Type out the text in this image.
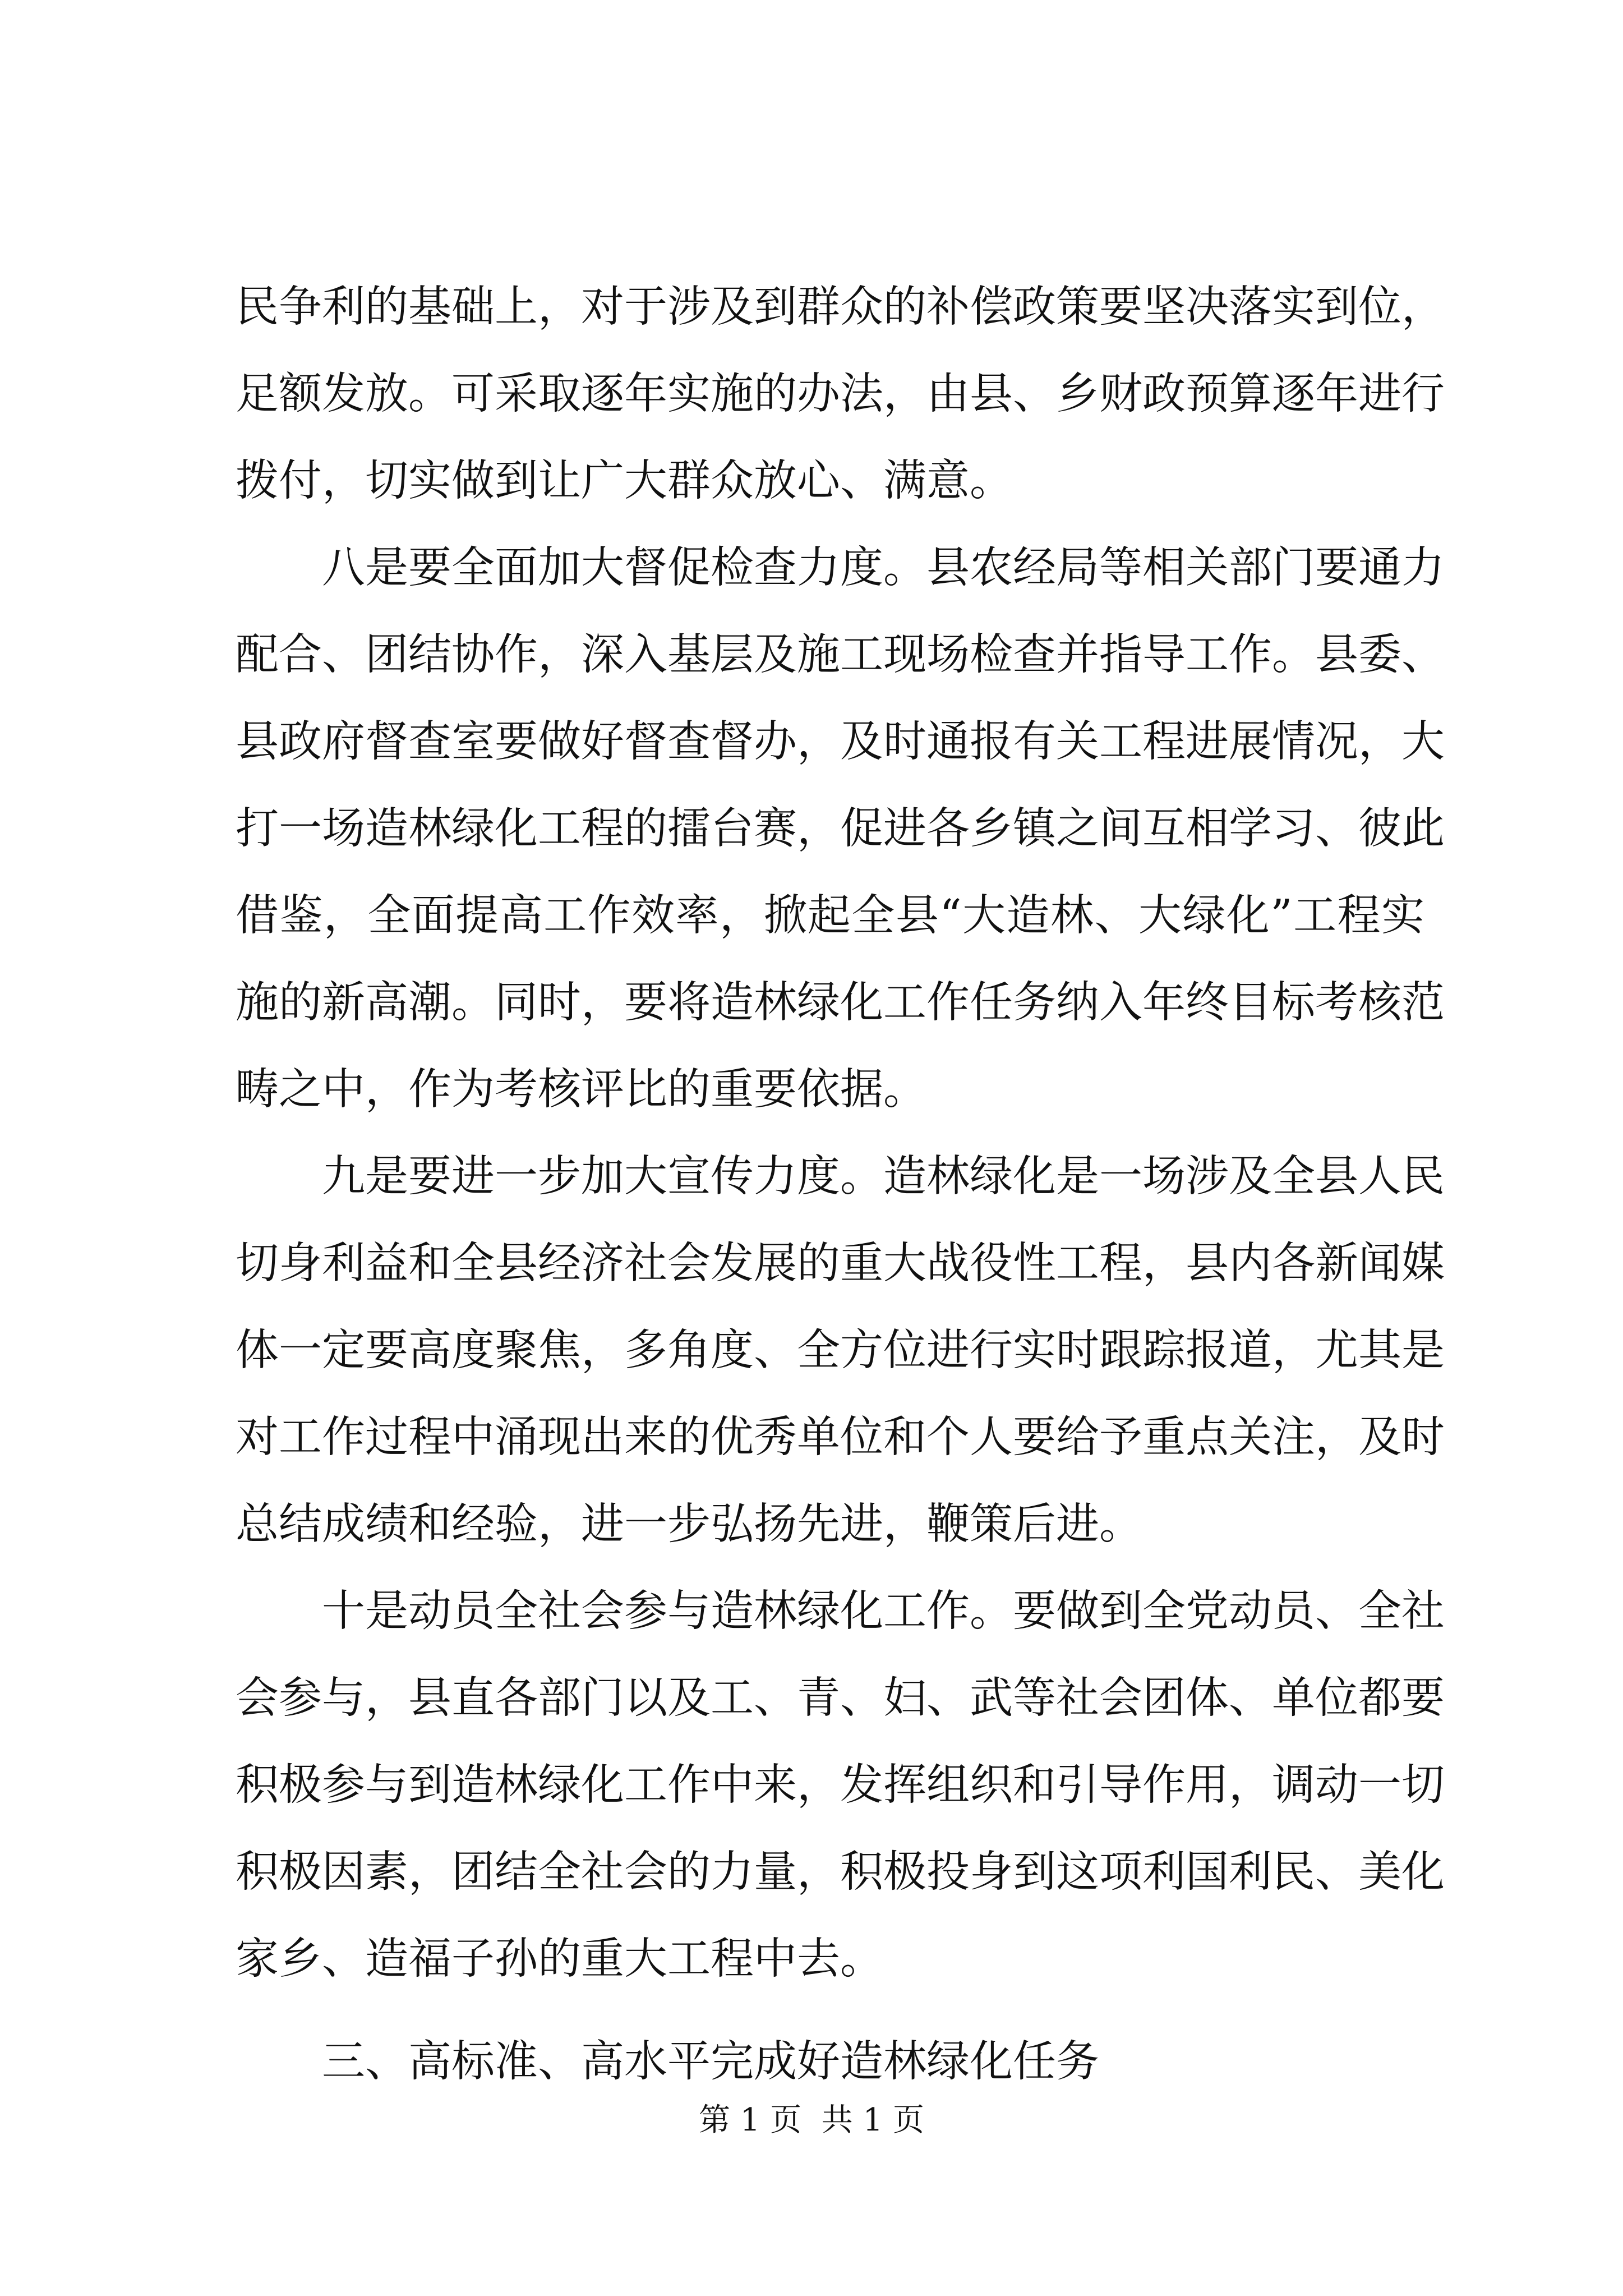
民争利的基础上，对于涉及到群众的补偿政策要坚决落实到位，
足额发放。可采取逐年实施的办法，由县、乡财政预算逐年进行
拨付，切实做到让广大群众放心、满意。
八是要全面加大督促检查力度。县农经局等相关部门要通力
配合、团结协作，深入基层及施工现场检查并指导工作。县委、
县政府督查室要做好督查督办，及时通报有关工程进展情况，大
打一场造林绿化工程的擂台赛，促进各乡镇之间互相学习、彼此
借鉴，全面提高工作效率，掀起全县“大造林、大绿化”工程实
施的新高潮。同时，要将造林绿化工作任务纳入年终目标考核范
畴之中，作为考核评比的重要依据。
九是要进一步加大宣传力度。造林绿化是一场涉及全县人民
切身利益和全县经济社会发展的重大战役性工程，县内各新闻媒
体一定要高度聚焦，多角度、全方位进行实时跟踪报道，尤其是
对工作过程中涌现出来的优秀单位和个人要给予重点关注，及时
总结成绩和经验，进一步弘扬先进，鞭策后进。
十是动员全社会参与造林绿化工作。要做到全党动员、全社
会参与，县直各部门以及工、青、妇、武等社会团体、单位都要
积极参与到造林绿化工作中来，发挥组织和引导作用，调动一切
积极因素，团结全社会的力量，积极投身到这项利国利民、美化
家乡、造福子孙的重大工程中去。
三、高标准、高水平完成好造林绿化任务
第 1 页  共 1 页
